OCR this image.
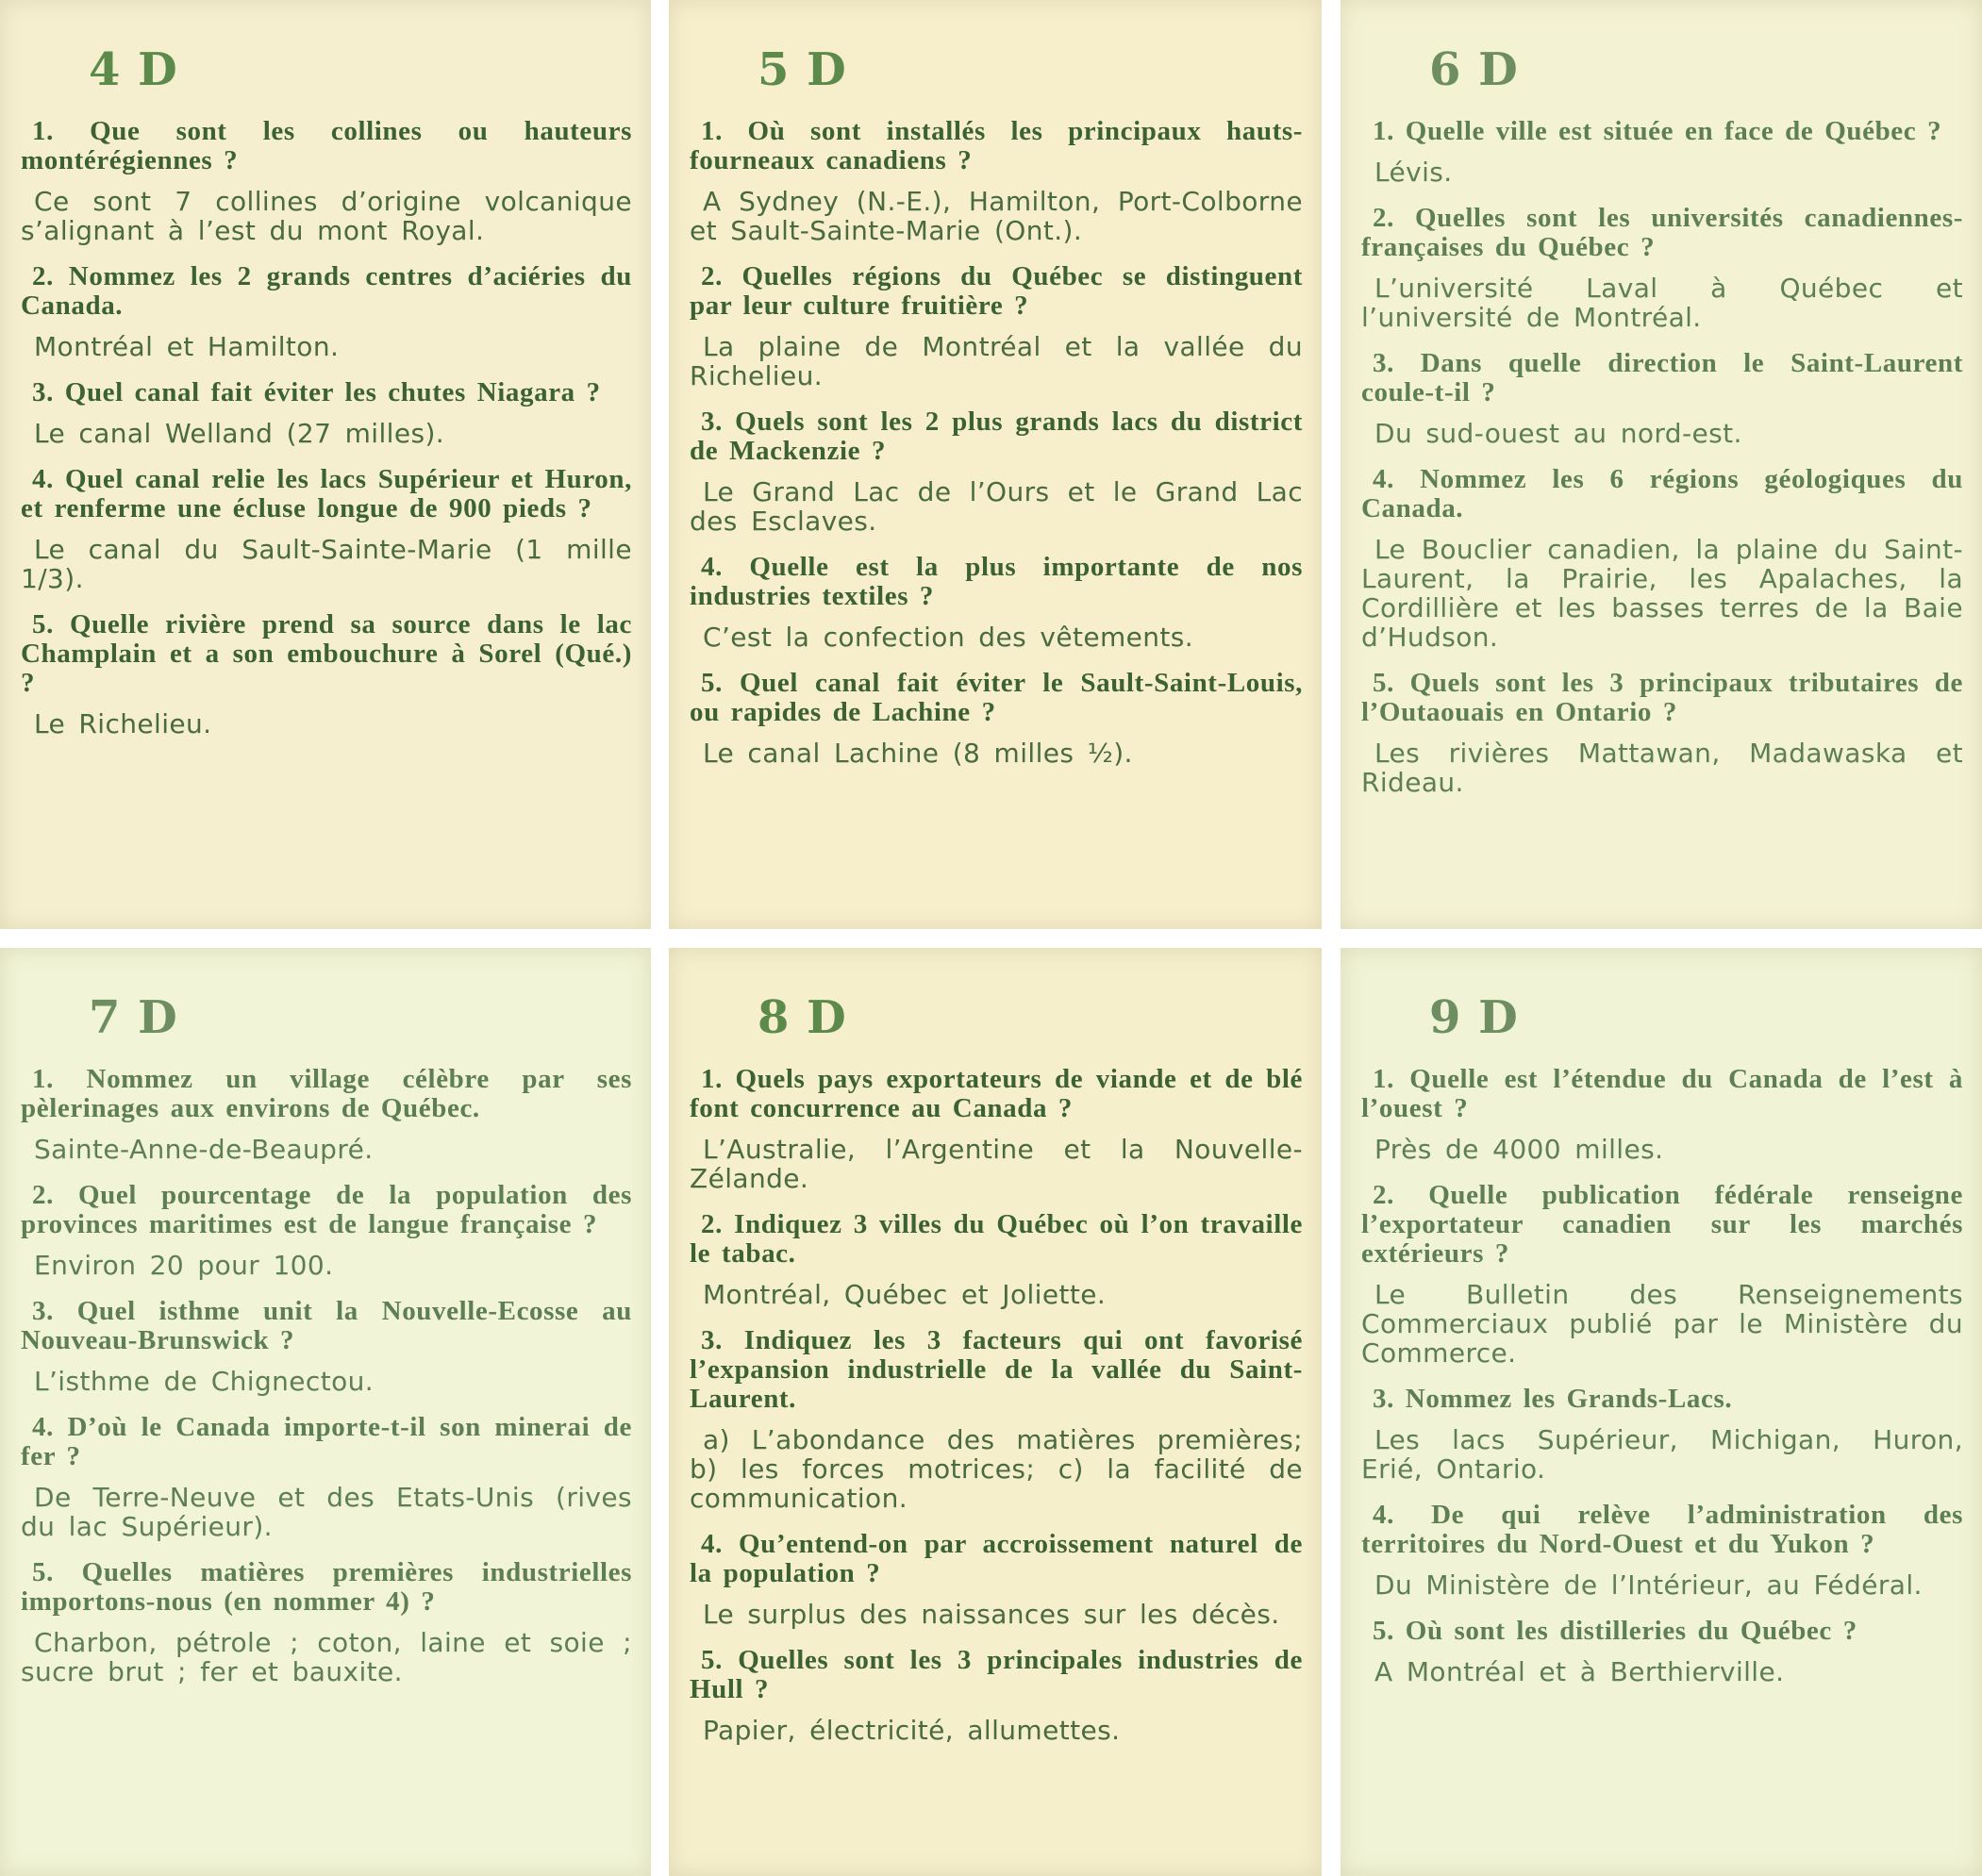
4 D

1. Que sont les collines ou hauteurs montérégiennes ?

Ce sont 7 collines d’origine volcanique s’alignant à l’est du mont Royal.

2. Nommez les 2 grands centres d’aciéries du Canada.

Montréal et Hamilton.

3. Quel canal fait éviter les chutes Niagara ?

Le canal Welland (27 milles).

4. Quel canal relie les lacs Supérieur et Huron, et renferme une écluse longue de 900 pieds ?

Le canal du Sault-Sainte-Marie (1 mille 1/3).

5. Quelle rivière prend sa source dans le lac Champlain et a son embouchure à Sorel (Qué.) ?

Le Richelieu.

5 D

1. Où sont installés les principaux hauts-fourneaux canadiens ?

A Sydney (N.-E.), Hamilton, Port-Colborne et Sault-Sainte-Marie (Ont.).

2. Quelles régions du Québec se distinguent par leur culture fruitière ?

La plaine de Montréal et la vallée du Richelieu.

3. Quels sont les 2 plus grands lacs du district de Mackenzie ?

Le Grand Lac de l’Ours et le Grand Lac des Esclaves.

4. Quelle est la plus importante de nos industries textiles ?

C’est la confection des vêtements.

5. Quel canal fait éviter le Sault-Saint-Louis, ou rapides de Lachine ?

Le canal Lachine (8 milles ½).

6 D

1. Quelle ville est située en face de Québec ?

Lévis.

2. Quelles sont les universités canadiennes-françaises du Québec ?

L’université Laval à Québec et l’université de Montréal.

3. Dans quelle direction le Saint-Laurent coule-t-il ?

Du sud-ouest au nord-est.

4. Nommez les 6 régions géologiques du Canada.

Le Bouclier canadien, la plaine du Saint-Laurent, la Prairie, les Apalaches, la Cordillière et les basses terres de la Baie d’Hudson.

5. Quels sont les 3 principaux tributaires de l’Outaouais en Ontario ?

Les rivières Mattawan, Madawaska et Rideau.

7 D

1. Nommez un village célèbre par ses pèlerinages aux environs de Québec.

Sainte-Anne-de-Beaupré.

2. Quel pourcentage de la population des provinces maritimes est de langue française ?

Environ 20 pour 100.

3. Quel isthme unit la Nouvelle-Ecosse au Nouveau-Brunswick ?

L’isthme de Chignectou.

4. D’où le Canada importe-t-il son minerai de fer ?

De Terre-Neuve et des Etats-Unis (rives du lac Supérieur).

5. Quelles matières premières industrielles importons-nous (en nommer 4) ?

Charbon, pétrole ; coton, laine et soie ; sucre brut ; fer et bauxite.

8 D

1. Quels pays exportateurs de viande et de blé font concurrence au Canada ?

L’Australie, l’Argentine et la Nouvelle-Zélande.

2. Indiquez 3 villes du Québec où l’on travaille le tabac.

Montréal, Québec et Joliette.

3. Indiquez les 3 facteurs qui ont favorisé l’expansion industrielle de la vallée du Saint-Laurent.

a) L’abondance des matières premières; b) les forces motrices; c) la facilité de communication.

4. Qu’entend-on par accroissement naturel de la population ?

Le surplus des naissances sur les décès.

5. Quelles sont les 3 principales industries de Hull ?

Papier, électricité, allumettes.

9 D

1. Quelle est l’étendue du Canada de l’est à l’ouest ?

Près de 4000 milles.

2. Quelle publication fédérale renseigne l’exportateur canadien sur les marchés extérieurs ?

Le Bulletin des Renseignements Commerciaux publié par le Ministère du Commerce.

3. Nommez les Grands-Lacs.

Les lacs Supérieur, Michigan, Huron, Erié, Ontario.

4. De qui relève l’administration des territoires du Nord-Ouest et du Yukon ?

Du Ministère de l’Intérieur, au Fédéral.

5. Où sont les distilleries du Québec ?

A Montréal et à Berthierville.
